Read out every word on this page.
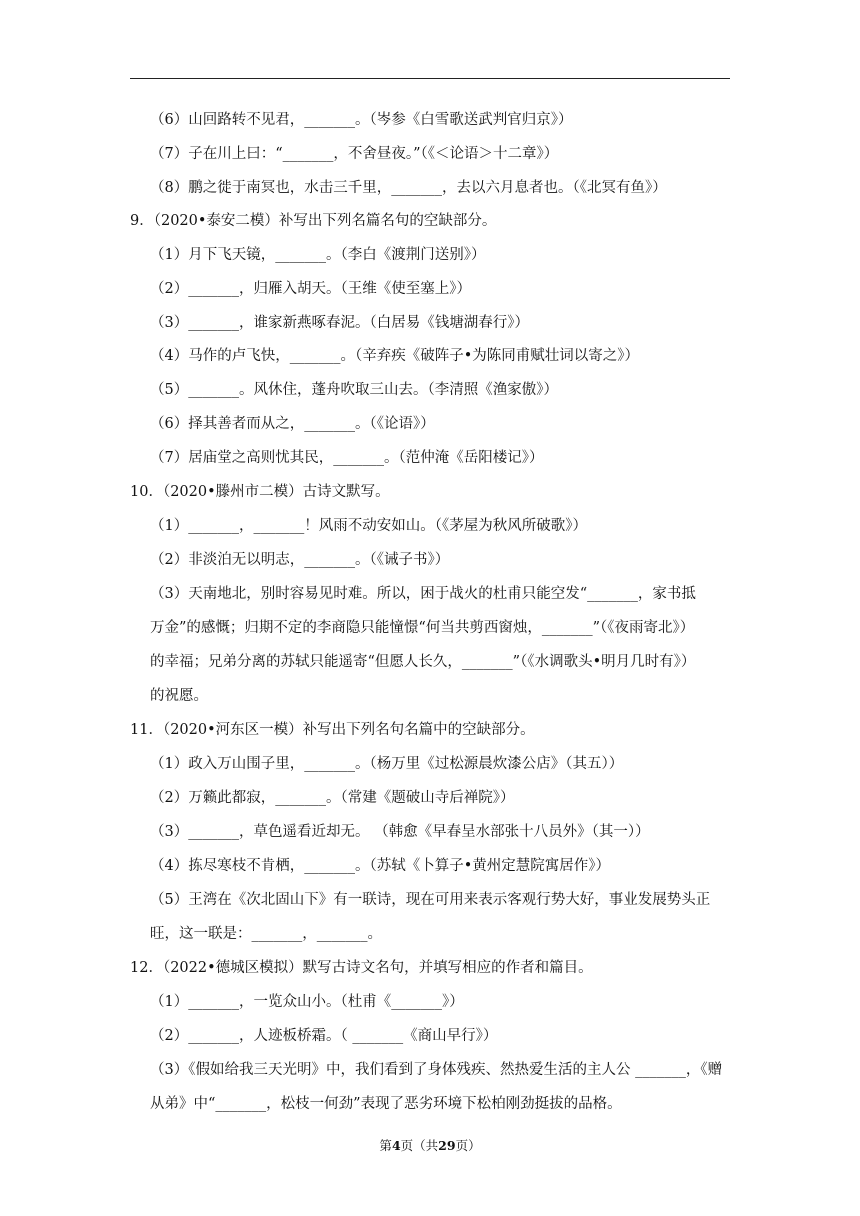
（6）山回路转不见君，_______。（岑参《白雪歌送武判官归京》）
（7）子在川上曰：“_______，不舍昼夜。”（《＜论语＞十二章》）
（8）鹏之徙于南冥也，水击三千里，_______，去以六月息者也。（《北冥有鱼》）
9．（2020•泰安二模）补写出下列名篇名句的空缺部分。
（1）月下飞天镜，_______。（李白《渡荆门送别》）
（2）_______，归雁入胡天。（王维《使至塞上》）
（3）_______，谁家新燕啄春泥。（白居易《钱塘湖春行》）
（4）马作的卢飞快，_______。（辛弃疾《破阵子•为陈同甫赋壮词以寄之》）
（5）_______。风休住，蓬舟吹取三山去。（李清照《渔家傲》）
（6）择其善者而从之，_______。（《论语》）
（7）居庙堂之高则忧其民，_______。（范仲淹《岳阳楼记》）
10．（2020•滕州市二模）古诗文默写。
（1）_______，_______！风雨不动安如山。（《茅屋为秋风所破歌》）
（2）非淡泊无以明志，_______。（《诫子书》）
（3）天南地北，别时容易见时难。所以，困于战火的杜甫只能空发“_______，家书抵
万金”的感慨；归期不定的李商隐只能憧憬“何当共剪西窗烛，_______”（《夜雨寄北》）
的幸福；兄弟分离的苏轼只能遥寄“但愿人长久，_______”（《水调歌头•明月几时有》）
的祝愿。
11．（2020•河东区一模）补写出下列名句名篇中的空缺部分。
（1）政入万山围子里，_______。（杨万里《过松源晨炊漆公店》（其五））
（2）万籁此都寂，_______。（常建《题破山寺后禅院》）
（3）_______，草色遥看近却无。 （韩愈《早春呈水部张十八员外》（其一））
（4）拣尽寒枝不肯栖，_______。（苏轼《卜算子•黄州定慧院寓居作》）
（5）王湾在《次北固山下》有一联诗，现在可用来表示客观行势大好，事业发展势头正
旺，这一联是：_______，_______。
12．（2022•德城区模拟）默写古诗文名句，并填写相应的作者和篇目。
（1）_______，一览众山小。（杜甫《_______》）
（2）_______，人迹板桥霜。（ _______《商山早行》）
（3）《假如给我三天光明》中，我们看到了身体残疾、然热爱生活的主人公 _______，《赠
从弟》中“_______，松枝一何劲”表现了恶劣环境下松柏刚劲挺拔的品格。
第4页（共29页）
